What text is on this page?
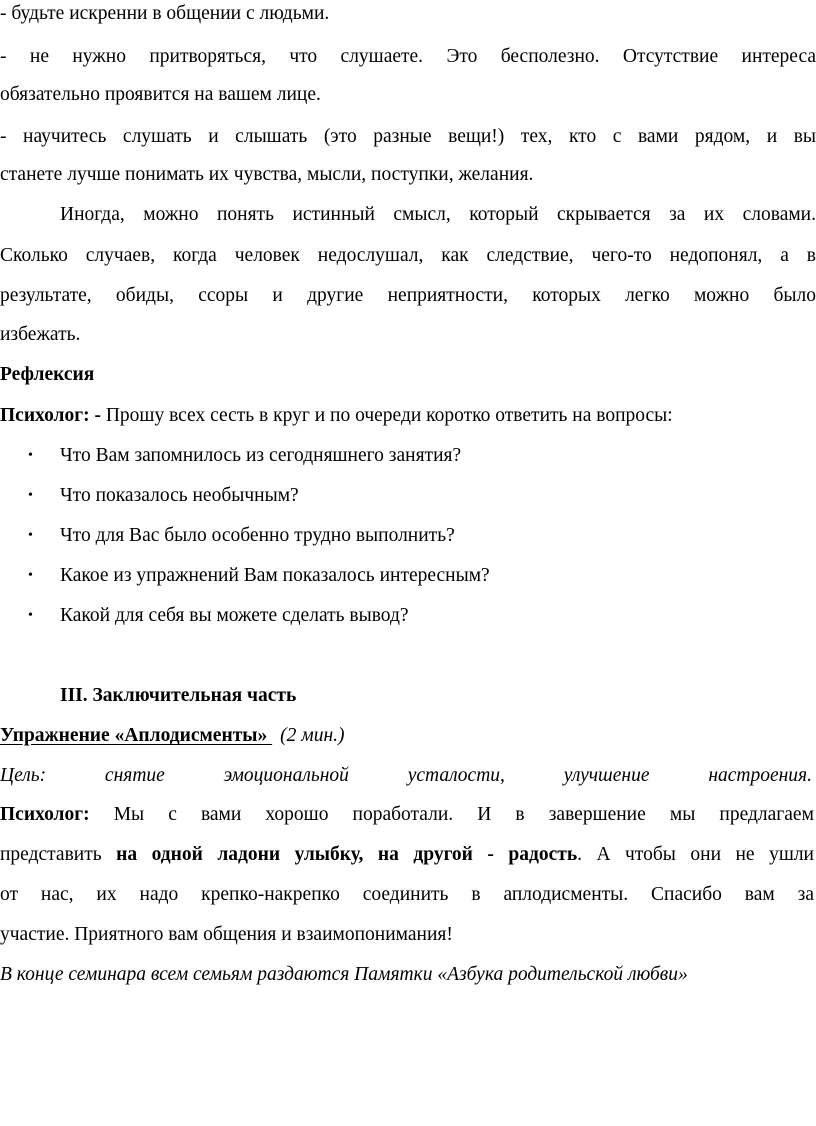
- будьте искренни в общении с людьми.
- не нужно притворяться, что слушаете. Это бесполезно. Отсутствие интереса
обязательно проявится на вашем лице.
- научитесь слушать и слышать (это разные вещи!) тех, кто с вами рядом, и вы
станете лучше понимать их чувства, мысли, поступки, желания.
Иногда, можно понять истинный смысл, который скрывается за их словами.
Сколько случаев, когда человек недослушал, как следствие, чего-то недопонял, а в
результате, обиды, ссоры и другие неприятности, которых легко можно было
избежать.
Рефлексия
Психолог: - Прошу всех сесть в круг и по очереди коротко ответить на вопросы:
• Что Вам запомнилось из сегодняшнего занятия?
• Что показалось необычным?
• Что для Вас было особенно трудно выполнить?
• Какое из упражнений Вам показалось интересным?
• Какой для себя вы можете сделать вывод?
III. Заключительная часть
Упражнение «Аплодисменты» (2 мин.)
Цель:	снятие	эмоциональной	усталости,	улучшение	настроения.
Психолог: Мы с вами хорошо поработали. И в завершение мы предлагаем
представить на одной ладони улыбку, на другой - радость. А чтобы они не ушли
от нас, их надо крепко-накрепко соединить в аплодисменты. Спасибо вам за
участие. Приятного вам общения и взаимопонимания!
В конце семинара всем семьям раздаются Памятки «Азбука родительской любви»
